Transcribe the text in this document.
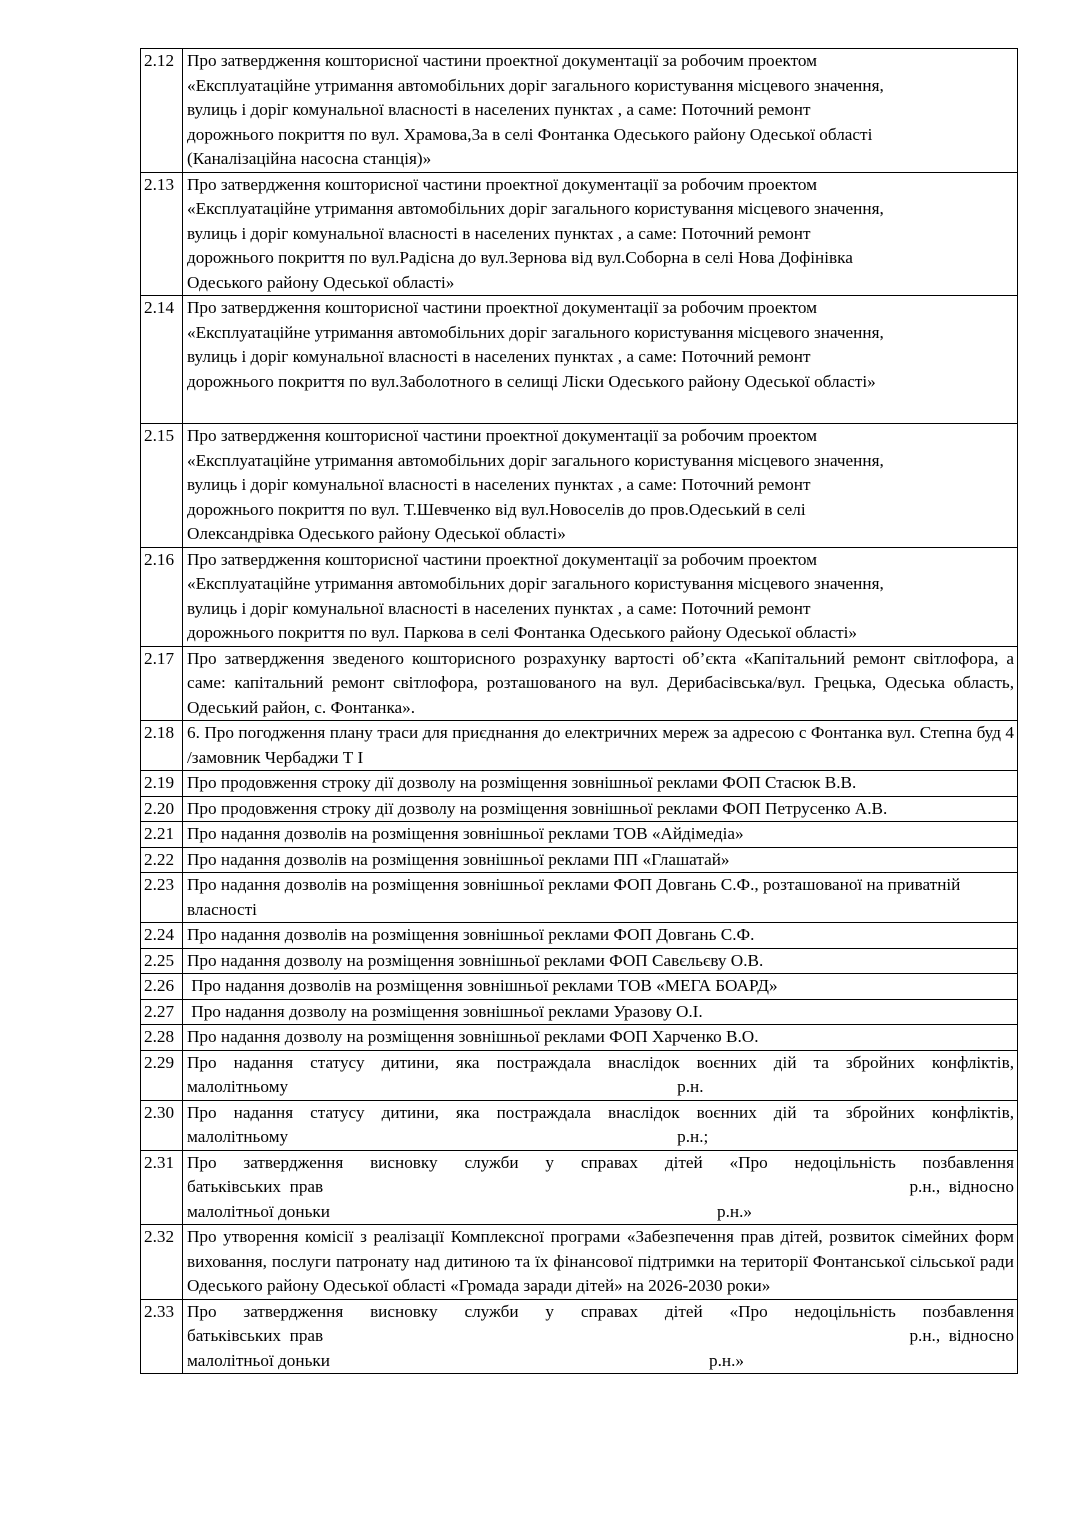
2.12	Про затвердження кошторисної частини проектної документації за робочим проектом
«Експлуатаційне утримання автомобільних доріг загального користування місцевого значення,
вулиць і доріг комунальної власності в населених пунктах , а саме: Поточний ремонт
дорожнього покриття по вул. Храмова,3а в селі Фонтанка Одеського району Одеської області
(Каналізаційна насосна станція)»

2.13	Про затвердження кошторисної частини проектної документації за робочим проектом
«Експлуатаційне утримання автомобільних доріг загального користування місцевого значення,
вулиць і доріг комунальної власності в населених пунктах , а саме: Поточний ремонт
дорожнього покриття по вул.Радісна до вул.Зернова від вул.Соборна в селі Нова Дофінівка
Одеського району Одеської області»

2.14	Про затвердження кошторисної частини проектної документації за робочим проектом
«Експлуатаційне утримання автомобільних доріг загального користування місцевого значення,
вулиць і доріг комунальної власності в населених пунктах , а саме: Поточний ремонт
дорожнього покриття по вул.Заболотного в селищі Ліски Одеського району Одеської області»

2.15	Про затвердження кошторисної частини проектної документації за робочим проектом
«Експлуатаційне утримання автомобільних доріг загального користування місцевого значення,
вулиць і доріг комунальної власності в населених пунктах , а саме: Поточний ремонт
дорожнього покриття по вул. Т.Шевченко від вул.Новоселів до пров.Одеський в селі
Олександрівка Одеського району Одеської області»

2.16	Про затвердження кошторисної частини проектної документації за робочим проектом
«Експлуатаційне утримання автомобільних доріг загального користування місцевого значення,
вулиць і доріг комунальної власності в населених пунктах , а саме: Поточний ремонт
дорожнього покриття по вул. Паркова в селі Фонтанка Одеського району Одеської області»

2.17	Про затвердження зведеного кошторисного розрахунку вартості об’єкта «Капітальний ремонт світлофора, а саме: капітальний ремонт світлофора, розташованого на вул. Дерибасівська/вул. Грецька, Одеська область, Одеський район, с. Фонтанка».
2.18	6. Про погодження плану траси для приєднання до електричних мереж за адресою с Фонтанка вул. Степна буд 4 /замовник Чербаджи Т І
2.19	Про продовження строку дії дозволу на розміщення зовнішньої реклами ФОП Стасюк В.В.
2.20	Про продовження строку дії дозволу на розміщення зовнішньої реклами ФОП Петрусенко А.В.
2.21	Про надання дозволів на розміщення зовнішньої реклами ТОВ «Айдімедіа»
2.22	Про надання дозволів на розміщення зовнішньої реклами ПП «Глашатай»
2.23	Про надання дозволів на розміщення зовнішньої реклами ФОП Довгань С.Ф., розташованої на приватній власності
2.24	Про надання дозволів на розміщення зовнішньої реклами ФОП Довгань С.Ф.
2.25	Про надання дозволу на розміщення зовнішньої реклами ФОП Савєльєву О.В.
2.26	Про надання дозволів на розміщення зовнішньої реклами ТОВ «МЕГА БОАРД»
2.27	Про надання дозволу на розміщення зовнішньої реклами Уразову О.І.
2.28	Про надання дозволу на розміщення зовнішньої реклами ФОП Харченко В.О.
2.29	Про надання статусу дитини, яка постраждала внаслідок воєнних дій та збройних конфліктів,
малолітньому р.н.

2.30	Про надання статусу дитини, яка постраждала внаслідок воєнних дій та збройних конфліктів,
малолітньому р.н.;

2.31	Про затвердження висновку служби у справах дітей «Про недоцільність позбавлення
батьківських  прав р.н.,  відносно
малолітньої доньки р.н.»

2.32	Про утворення комісії з реалізації Комплексної програми «Забезпечення прав дітей, розвиток сімейних форм виховання, послуги патронату над дитиною та їх фінансової підтримки на території Фонтанської сільської ради Одеського району Одеської області «Громада заради дітей» на 2026-2030 роки»
2.33	Про затвердження висновку служби у справах дітей «Про недоцільність позбавлення
батьківських  прав р.н.,  відносно
малолітньої доньки р.н.»
